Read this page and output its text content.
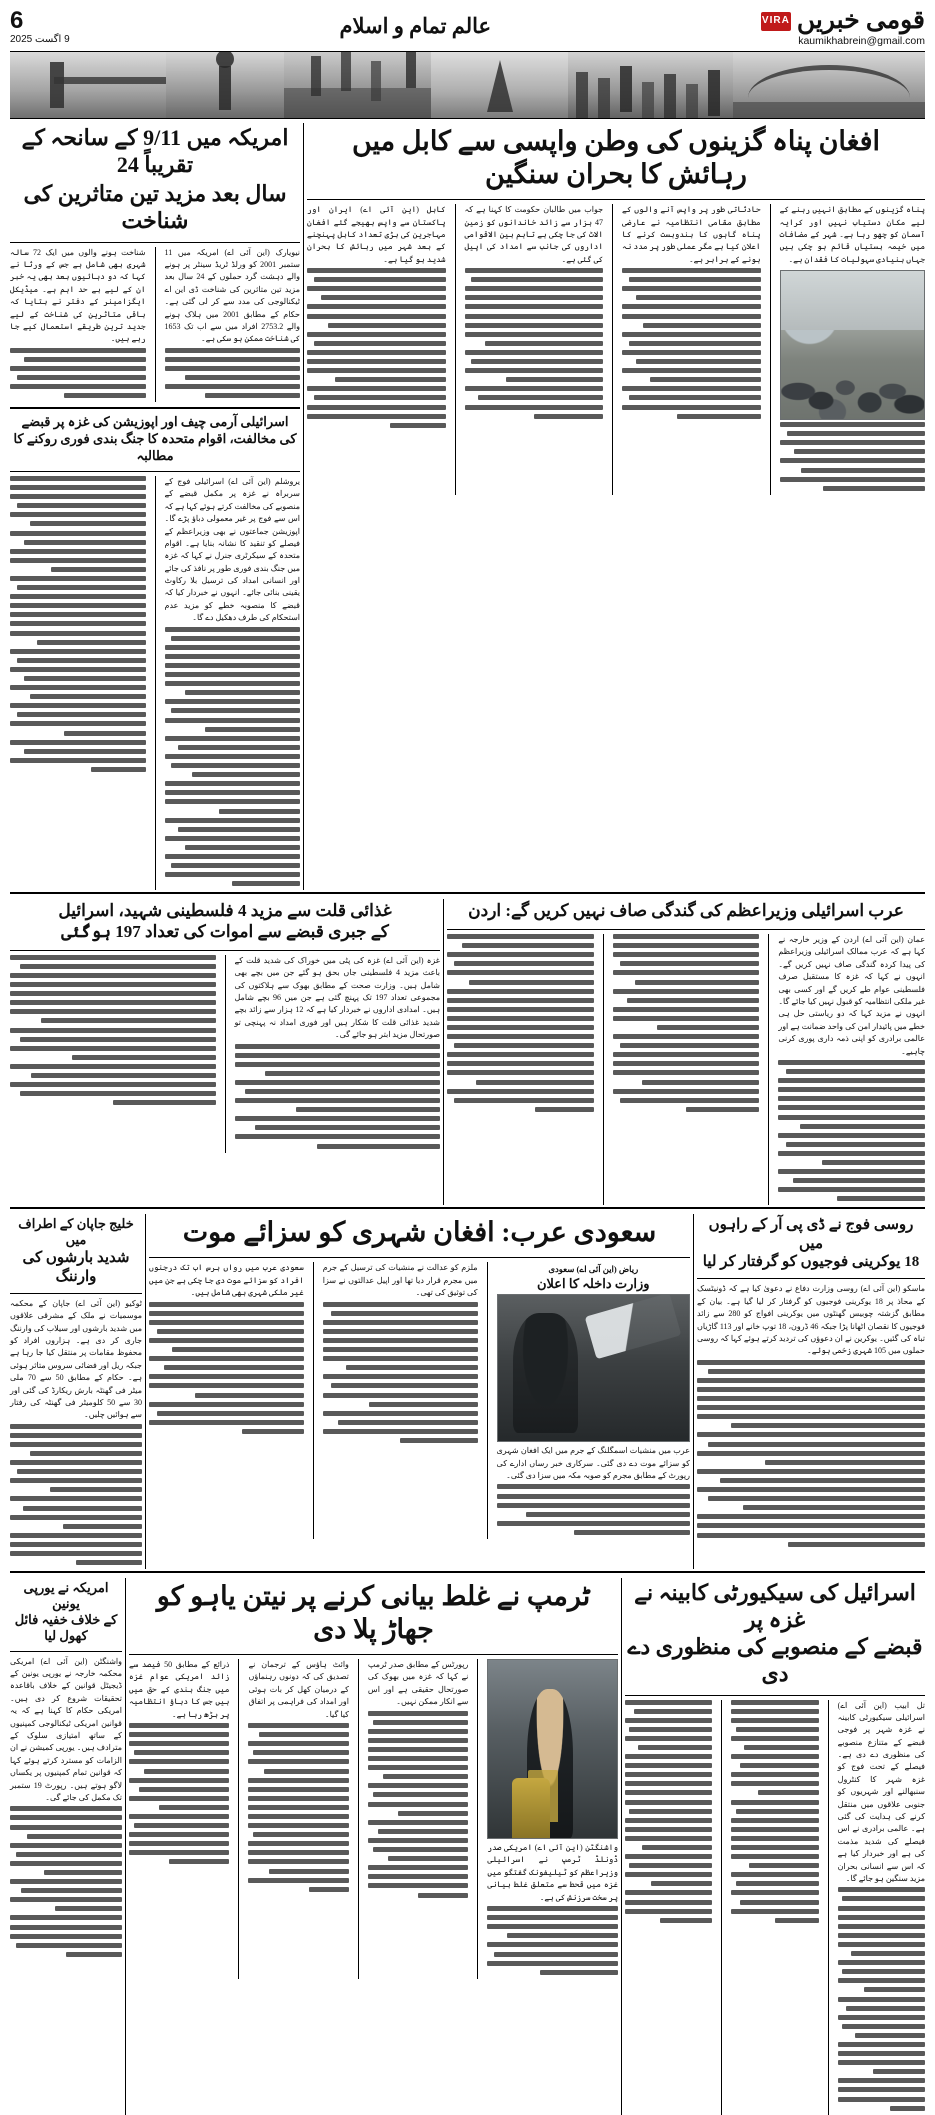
قومی خبریں
VIRA
kaumikhabrein@gmail.com
عالم تمام و اسلام
6
9 اگست 2025
افغان پناہ گزینوں کی وطن واپسی سے کابل میں رہائش کا بحران سنگین
پناہ گزینوں کے مطابق انہیں رہنے کے لیے مکان دستیاب نہیں اور کرایہ آسمان کو چھو رہا ہے۔ شہر کے مضافات میں خیمہ بستیاں قائم ہو چکی ہیں جہاں بنیادی سہولیات کا فقدان ہے۔
حادثاتی طور پر واپس آنے والوں کے مطابق مقامی انتظامیہ نے عارضی پناہ گاہوں کا بندوبست کرنے کا اعلان کیا ہے مگر عملی طور پر مدد نہ ہونے کے برابر ہے۔
جواب میں طالبان حکومت کا کہنا ہے کہ 47 ہزار سے زائد خاندانوں کو زمین الاٹ کی جا چکی ہے تاہم بین الاقوامی اداروں کی جانب سے امداد کی اپیل کی گئی ہے۔
کابل (این آئی اے) ایران اور پاکستان سے واپس بھیجے گئے افغان مہاجرین کی بڑی تعداد کابل پہنچنے کے بعد شہر میں رہائش کا بحران شدید ہو گیا ہے۔
امریکہ میں 9/11 کے سانحہ کے تقریباً 24
سال بعد مزید تین متاثرین کی شناخت
نیویارک (این آئی اے) امریکہ میں 11 ستمبر 2001 کو ورلڈ ٹریڈ سینٹر پر ہونے والے دہشت گرد حملوں کے 24 سال بعد مزید تین متاثرین کی شناخت ڈی این اے ٹیکنالوجی کی مدد سے کر لی گئی ہے۔ حکام کے مطابق 2001 میں ہلاک ہونے والے 2753.2 افراد میں سے اب تک 1653 کی شناخت ممکن ہو سکی ہے۔
شناخت ہونے والوں میں ایک 72 سالہ شہری بھی شامل ہے جس کے ورثا نے کہا کہ دو دہائیوں بعد بھی یہ خبر ان کے لیے بے حد اہم ہے۔ میڈیکل ایگزامینر کے دفتر نے بتایا کہ باقی متاثرین کی شناخت کے لیے جدید ترین طریقے استعمال کیے جا رہے ہیں۔
اسرائیلی آرمی چیف اور اپوزیشن کی غزہ پر قبضے کی مخالفت، اقوام متحدہ کا جنگ بندی فوری روکنے کا مطالبہ
یروشلم (این آئی اے) اسرائیلی فوج کے سربراہ نے غزہ پر مکمل قبضے کے منصوبے کی مخالفت کرتے ہوئے کہا ہے کہ اس سے فوج پر غیر معمولی دباؤ پڑے گا۔ اپوزیشن جماعتوں نے بھی وزیراعظم کے فیصلے کو تنقید کا نشانہ بنایا ہے۔ اقوام متحدہ کے سیکرٹری جنرل نے کہا کہ غزہ میں جنگ بندی فوری طور پر نافذ کی جائے اور انسانی امداد کی ترسیل بلا رکاوٹ یقینی بنائی جائے۔ انہوں نے خبردار کیا کہ قبضے کا منصوبہ خطے کو مزید عدم استحکام کی طرف دھکیل دے گا۔
عرب اسرائیلی وزیراعظم کی گندگی صاف نہیں کریں گے: اردن
عمان (این آئی اے) اردن کے وزیر خارجہ نے کہا ہے کہ عرب ممالک اسرائیلی وزیراعظم کی پیدا کردہ گندگی صاف نہیں کریں گے۔ انہوں نے کہا کہ غزہ کا مستقبل صرف فلسطینی عوام طے کریں گے اور کسی بھی غیر ملکی انتظامیہ کو قبول نہیں کیا جائے گا۔ انہوں نے مزید کہا کہ دو ریاستی حل ہی خطے میں پائیدار امن کی واحد ضمانت ہے اور عالمی برادری کو اپنی ذمہ داری پوری کرنی چاہیے۔
غذائی قلت سے مزید 4 فلسطینی شہید، اسرائیل
کے جبری قبضے سے اموات کی تعداد 197 ہوگئی
غزہ (این آئی اے) غزہ کی پٹی میں خوراک کی شدید قلت کے باعث مزید 4 فلسطینی جاں بحق ہو گئے جن میں بچے بھی شامل ہیں۔ وزارت صحت کے مطابق بھوک سے ہلاکتوں کی مجموعی تعداد 197 تک پہنچ گئی ہے جن میں 96 بچے شامل ہیں۔ امدادی اداروں نے خبردار کیا ہے کہ 12 ہزار سے زائد بچے شدید غذائی قلت کا شکار ہیں اور فوری امداد نہ پہنچی تو صورتحال مزید ابتر ہو جائے گی۔
روسی فوج نے ڈی پی آر کے راہوں میں
18 یوکرینی فوجیوں کو گرفتار کر لیا
ماسکو (این آئی اے) روسی وزارت دفاع نے دعویٰ کیا ہے کہ ڈونیٹسک کے محاذ پر 18 یوکرینی فوجیوں کو گرفتار کر لیا گیا ہے۔ بیان کے مطابق گزشتہ چوبیس گھنٹوں میں یوکرینی افواج کو 280 سے زائد فوجیوں کا نقصان اٹھانا پڑا جبکہ 46 ڈرون، 18 توپ خانے اور 113 گاڑیاں تباہ کی گئیں۔ یوکرین نے ان دعوؤں کی تردید کرتے ہوئے کہا کہ روسی حملوں میں 105 شہری زخمی ہوئے۔
سعودی عرب: افغان شہری کو سزائے موت
ریاض (این آئی اے) سعودی
وزارت داخلہ کا اعلان
عرب میں منشیات اسمگلنگ کے جرم میں ایک افغان شہری کو سزائے موت دے دی گئی۔ سرکاری خبر رساں ادارے کی رپورٹ کے مطابق مجرم کو صوبہ مکہ میں سزا دی گئی۔
ملزم کو عدالت نے منشیات کی ترسیل کے جرم میں مجرم قرار دیا تھا اور اپیل عدالتوں نے سزا کی توثیق کی تھی۔
سعودی عرب میں رواں برس اب تک درجنوں افراد کو سزائے موت دی جا چکی ہے جن میں غیر ملکی شہری بھی شامل ہیں۔
خلیج جاپان کے اطراف
میں
شدید بارشوں کی وارننگ
ٹوکیو (این آئی اے) جاپان کے محکمہ موسمیات نے ملک کے مشرقی علاقوں میں شدید بارشوں اور سیلاب کی وارننگ جاری کر دی ہے۔ ہزاروں افراد کو محفوظ مقامات پر منتقل کیا جا رہا ہے جبکہ ریل اور فضائی سروس متاثر ہوئی ہے۔ حکام کے مطابق 50 سے 70 ملی میٹر فی گھنٹہ بارش ریکارڈ کی گئی اور 30 سے 50 کلومیٹر فی گھنٹہ کی رفتار سے ہوائیں چلیں۔
اسرائیل کی سیکیورٹی کابینہ نے غزہ پر
قبضے کے منصوبے کی منظوری دے دی
تل ابیب (این آئی اے) اسرائیلی سیکیورٹی کابینہ نے غزہ شہر پر فوجی قبضے کے متنازع منصوبے کی منظوری دے دی ہے۔ فیصلے کے تحت فوج کو غزہ شہر کا کنٹرول سنبھالنے اور شہریوں کو جنوبی علاقوں میں منتقل کرنے کی ہدایت کی گئی ہے۔ عالمی برادری نے اس فیصلے کی شدید مذمت کی ہے اور خبردار کیا ہے کہ اس سے انسانی بحران مزید سنگین ہو جائے گا۔
ٹرمپ نے غلط بیانی کرنے پر نیتن یاہو کو جھاڑ پلا دی
واشنگٹن (این آئی اے) امریکی صدر ڈونلڈ ٹرمپ نے اسرائیلی وزیراعظم کو ٹیلیفونک گفتگو میں غزہ میں قحط سے متعلق غلط بیانی پر سخت سرزنش کی ہے۔
رپورٹس کے مطابق صدر ٹرمپ نے کہا کہ غزہ میں بھوک کی صورتحال حقیقی ہے اور اس سے انکار ممکن نہیں۔
وائٹ ہاؤس کے ترجمان نے تصدیق کی کہ دونوں رہنماؤں کے درمیان کھل کر بات ہوئی اور امداد کی فراہمی پر اتفاق کیا گیا۔
ذرائع کے مطابق 50 فیصد سے زائد امریکی عوام غزہ میں جنگ بندی کے حق میں ہیں جس کا دباؤ انتظامیہ پر بڑھ رہا ہے۔
امریکہ نے یورپی یونین
کے خلاف خفیہ فائل کھول لیا
واشنگٹن (این آئی اے) امریکی محکمہ خارجہ نے یورپی یونین کے ڈیجیٹل قوانین کے خلاف باقاعدہ تحقیقات شروع کر دی ہیں۔ امریکی حکام کا کہنا ہے کہ یہ قوانین امریکی ٹیکنالوجی کمپنیوں کے ساتھ امتیازی سلوک کے مترادف ہیں۔ یورپی کمیشن نے ان الزامات کو مسترد کرتے ہوئے کہا کہ قوانین تمام کمپنیوں پر یکساں لاگو ہوتے ہیں۔ رپورٹ 19 ستمبر تک مکمل کی جائے گی۔
